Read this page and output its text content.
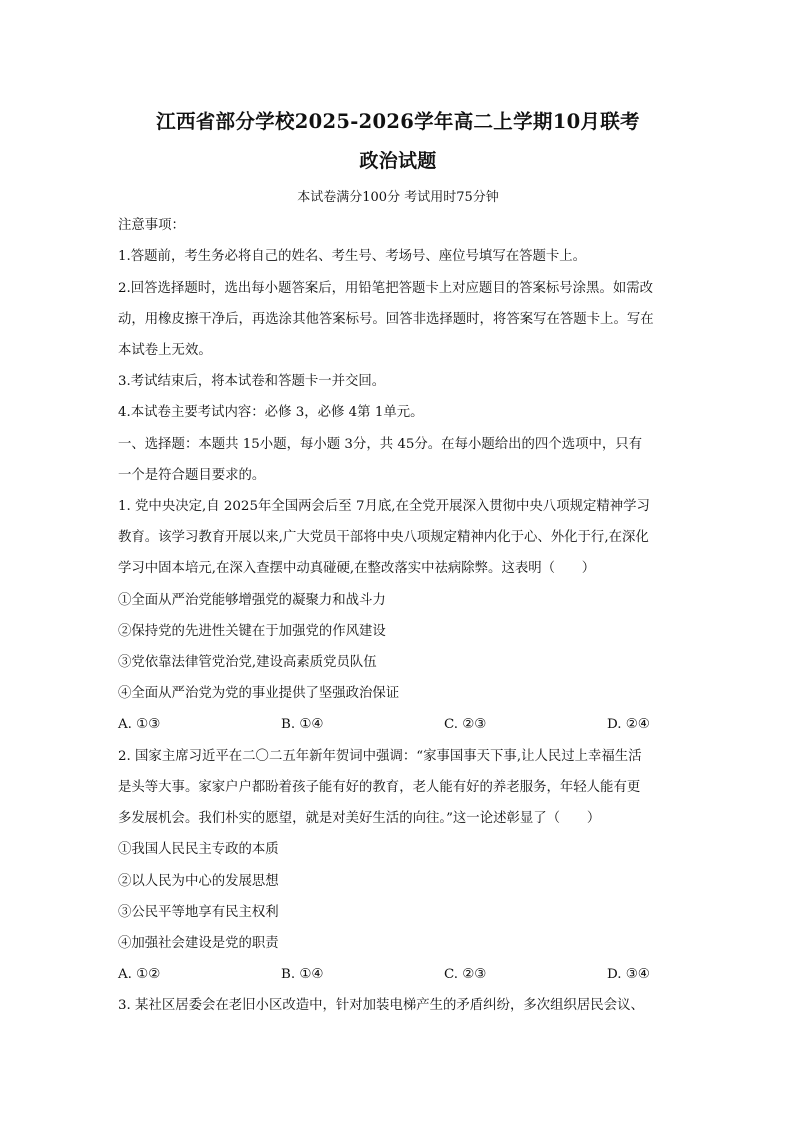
江西省部分学校2025-2026学年高二上学期10月联考
政治试题
本试卷满分100分 考试用时75分钟
注意事项：
1.答题前，考生务必将自己的姓名、考生号、考场号、座位号填写在答题卡上。
2.回答选择题时，选出每小题答案后，用铅笔把答题卡上对应题目的答案标号涂黑。如需改
动，用橡皮擦干净后，再选涂其他答案标号。回答非选择题时，将答案写在答题卡上。写在
本试卷上无效。
3.考试结束后，将本试卷和答题卡一并交回。
4.本试卷主要考试内容：必修 3，必修 4第 1单元。
一、选择题：本题共 15小题，每小题 3分，共 45分。在每小题给出的四个选项中，只有
一个是符合题目要求的。
1. 党中央决定,自 2025年全国两会后至 7月底,在全党开展深入贯彻中央八项规定精神学习
教育。该学习教育开展以来,广大党员干部将中央八项规定精神内化于心、外化于行,在深化
学习中固本培元,在深入查摆中动真碰硬,在整改落实中祛病除弊。这表明（　　）
①全面从严治党能够增强党的凝聚力和战斗力
②保持党的先进性关键在于加强党的作风建设
③党依靠法律管党治党,建设高素质党员队伍
④全面从严治党为党的事业提供了坚强政治保证
A. ①③	B. ①④	C. ②③	D. ②④
2. 国家主席习近平在二〇二五年新年贺词中强调：“家事国事天下事,让人民过上幸福生活
是头等大事。家家户户都盼着孩子能有好的教育，老人能有好的养老服务，年轻人能有更
多发展机会。我们朴实的愿望，就是对美好生活的向往。”这一论述彰显了（　　）
①我国人民民主专政的本质
②以人民为中心的发展思想
③公民平等地享有民主权利
④加强社会建设是党的职责
A. ①②	B. ①④	C. ②③	D. ③④
3. 某社区居委会在老旧小区改造中，针对加装电梯产生的矛盾纠纷，多次组织居民会议、
